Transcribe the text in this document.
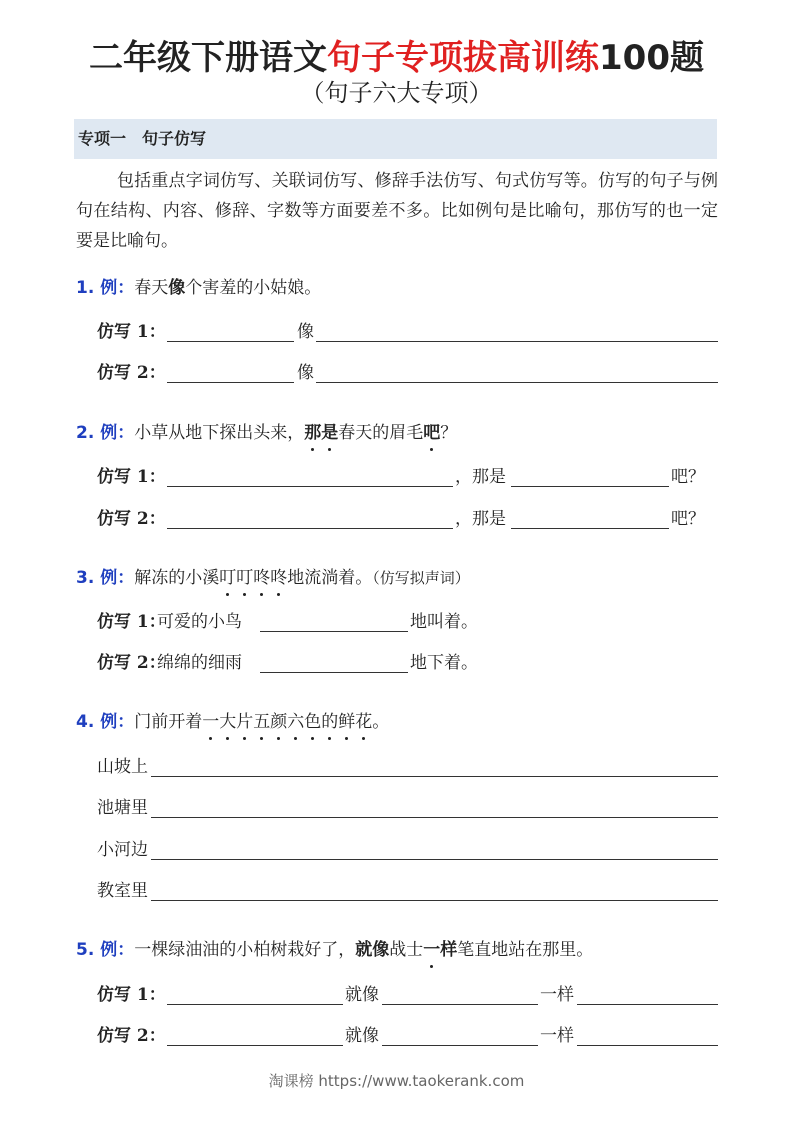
二年级下册语文句子专项拔高训练100题
（句子六大专项）
专项一　句子仿写
包括重点字词仿写、关联词仿写、修辞手法仿写、句式仿写等。仿写的句子与例句在结构、内容、修辞、字数等方面要差不多。比如例句是比喻句，那仿写的也一定要是比喻句。
1. 例：春天像个害羞的小姑娘。
仿写 1：	像
仿写 2：	像
2. 例：小草从地下探出头来，那是春天的眉毛吧？
仿写 1：	，那是	吧？
仿写 2：	，那是	吧？
3. 例：解冻的小溪叮叮咚咚地流淌着。（仿写拟声词）
仿写 1：
可爱的小鸟	地叫着。
仿写 2：
绵绵的细雨	地下着。
4. 例：门前开着一大片五颜六色的鲜花。
山坡上
池塘里
小河边
教室里
5. 例：一棵绿油油的小柏树栽好了，就像战士一样笔直地站在那里。
仿写 1：	就像	一样
仿写 2：	就像	一样
淘课榜 https://www.taokerank.com
